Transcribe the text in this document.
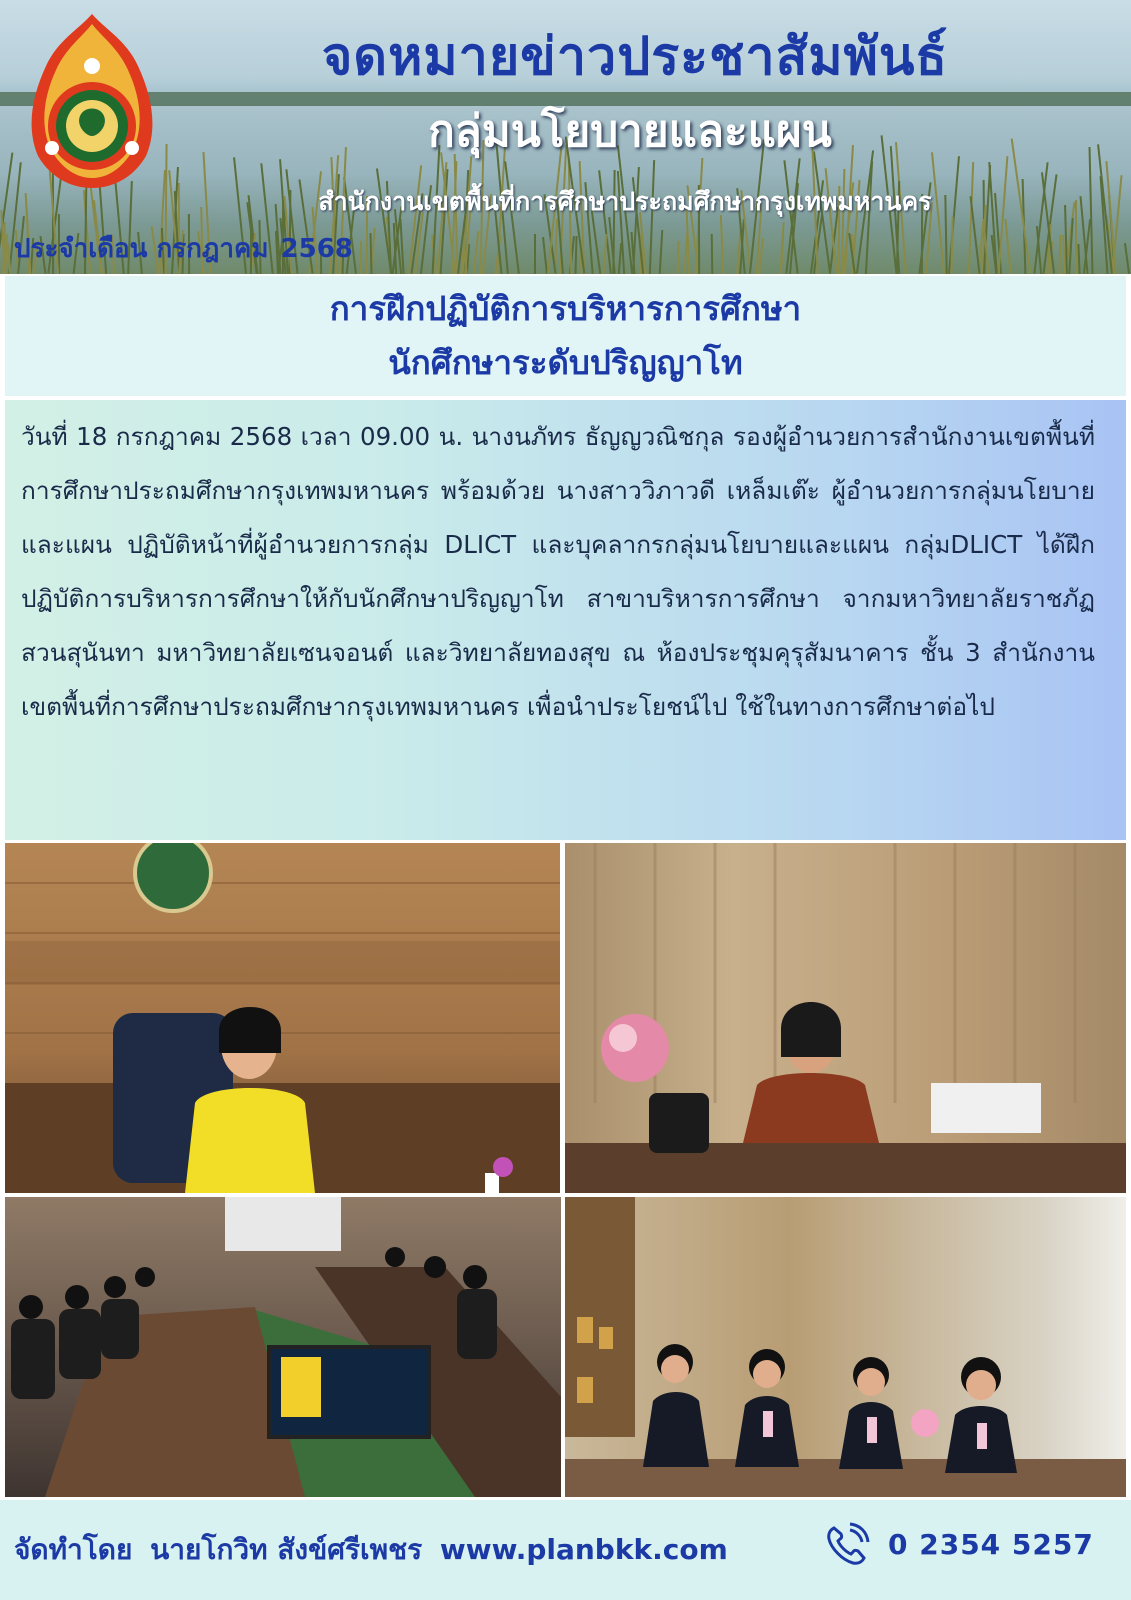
จดหมายข่าวประชาสัมพันธ์
กลุ่มนโยบายและแผน
สำนักงานเขตพื้นที่การศึกษาประถมศึกษากรุงเทพมหานคร
ประจำเดือน กรกฎาคม 2568
การฝึกปฏิบัติการบริหารการศึกษา
นักศึกษาระดับปริญญาโท
วันที่ 18 กรกฎาคม 2568 เวลา 09.00 น. นางนภัทร ธัญญวณิชกุล รองผู้อำนวยการสำนักงานเขตพื้นที่การศึกษาประถมศึกษากรุงเทพมหานคร พร้อมด้วย นางสาววิภาวดี เหล็มเต๊ะ ผู้อำนวยการกลุ่มนโยบายและแผน ปฏิบัติหน้าที่ผู้อำนวยการกลุ่ม DLICT และบุคลากรกลุ่มนโยบายและแผน กลุ่มDLICT ได้ฝึกปฏิบัติการบริหารการศึกษาให้กับนักศึกษาปริญญาโท สาขาบริหารการศึกษา จากมหาวิทยาลัยราชภัฏสวนสุนันทา มหาวิทยาลัยเซนจอนต์ และวิทยาลัยทองสุข ณ ห้องประชุมคุรุสัมนาคาร ชั้น 3 สำนักงานเขตพื้นที่การศึกษาประถมศึกษากรุงเทพมหานคร เพื่อนำประโยชน์ไป ใช้ในทางการศึกษาต่อไป
จัดทำโดย นายโกวิท สังข์ศรีเพชร www.planbkk.com	0 2354 5257
